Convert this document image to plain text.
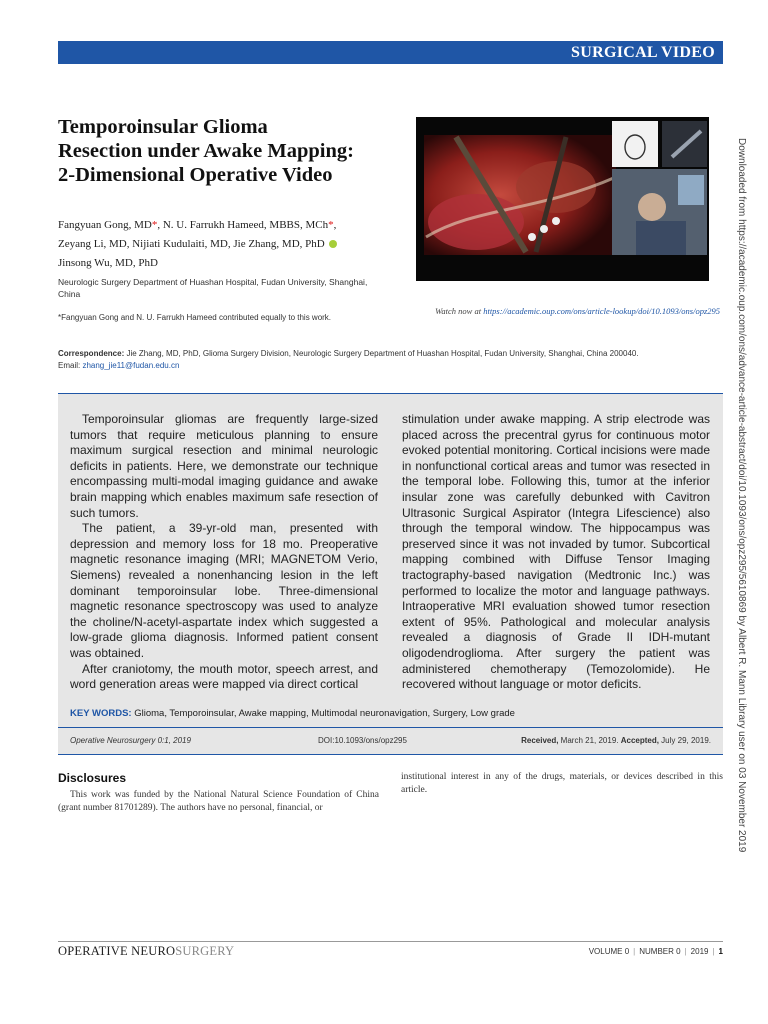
SURGICAL VIDEO
Temporoinsular Glioma
Resection under Awake Mapping:
2-Dimensional Operative Video
Fangyuan Gong, MD*, N. U. Farrukh Hameed, MBBS, MCh*,
Zeyang Li, MD, Nijiati Kudulaiti, MD, Jie Zhang, MD, PhD
Jinsong Wu, MD, PhD
Neurologic Surgery Department of Huashan Hospital, Fudan University, Shanghai, China
*Fangyuan Gong and N. U. Farrukh Hameed contributed equally to this work.
Watch now at https://academic.oup.com/ons/article-lookup/doi/10.1093/ons/opz295
Correspondence: Jie Zhang, MD, PhD, Glioma Surgery Division, Neurologic Surgery Department of Huashan Hospital, Fudan University, Shanghai, China 200040.
Email: zhang_jie11@fudan.edu.cn

Temporoinsular gliomas are frequently large-sized tumors that require meticulous planning to ensure maximum surgical resection and minimal neurologic deficits in patients. Here, we demonstrate our technique encompassing multi-modal imaging guidance and awake brain mapping which enables maximum safe resection of such tumors.

The patient, a 39-yr-old man, presented with depression and memory loss for 18 mo. Preoperative magnetic resonance imaging (MRI; MAGNETOM Verio, Siemens) revealed a nonenhancing lesion in the left dominant temporoinsular lobe. Three-dimensional magnetic resonance spectroscopy was used to analyze the choline/N-acetyl-aspartate index which suggested a low-grade glioma diagnosis. Informed patient consent was obtained.

After craniotomy, the mouth motor, speech arrest, and word generation areas were mapped via direct cortical

stimulation under awake mapping. A strip electrode was placed across the precentral gyrus for continuous motor evoked potential monitoring. Cortical incisions were made in nonfunctional cortical areas and tumor was resected in the temporal lobe. Following this, tumor at the inferior insular zone was carefully debunked with Cavitron Ultrasonic Surgical Aspirator (Integra Lifescience) also through the temporal window. The hippocampus was preserved since it was not invaded by tumor. Subcortical mapping combined with Diffuse Tensor Imaging tractography-based navigation (Medtronic Inc.) was performed to localize the motor and language pathways. Intraoperative MRI evaluation showed tumor resection extent of 95%. Pathological and molecular analysis revealed a diagnosis of Grade II IDH-mutant oligodendroglioma. After surgery the patient was administered chemotherapy (Temozolomide). He recovered without language or motor deficits.

KEY WORDS: Glioma, Temporoinsular, Awake mapping, Multimodal neuronavigation, Surgery, Low grade
Operative Neurosurgery 0:1, 2019	DOI:10.1093/ons/opz295	Received, March 21, 2019. Accepted, July 29, 2019.
Disclosures

This work was funded by the National Natural Science Foundation of China (grant number 81701289). The authors have no personal, financial, or

institutional interest in any of the drugs, materials, or devices described in this article.

OPERATIVE NEUROSURGERY	VOLUME 0 | NUMBER 0 | 2019 | 1
Downloaded from https://academic.oup.com/ons/advance-article-abstract/doi/10.1093/ons/opz295/5610869 by Albert R. Mann Library user on 03 November 2019
